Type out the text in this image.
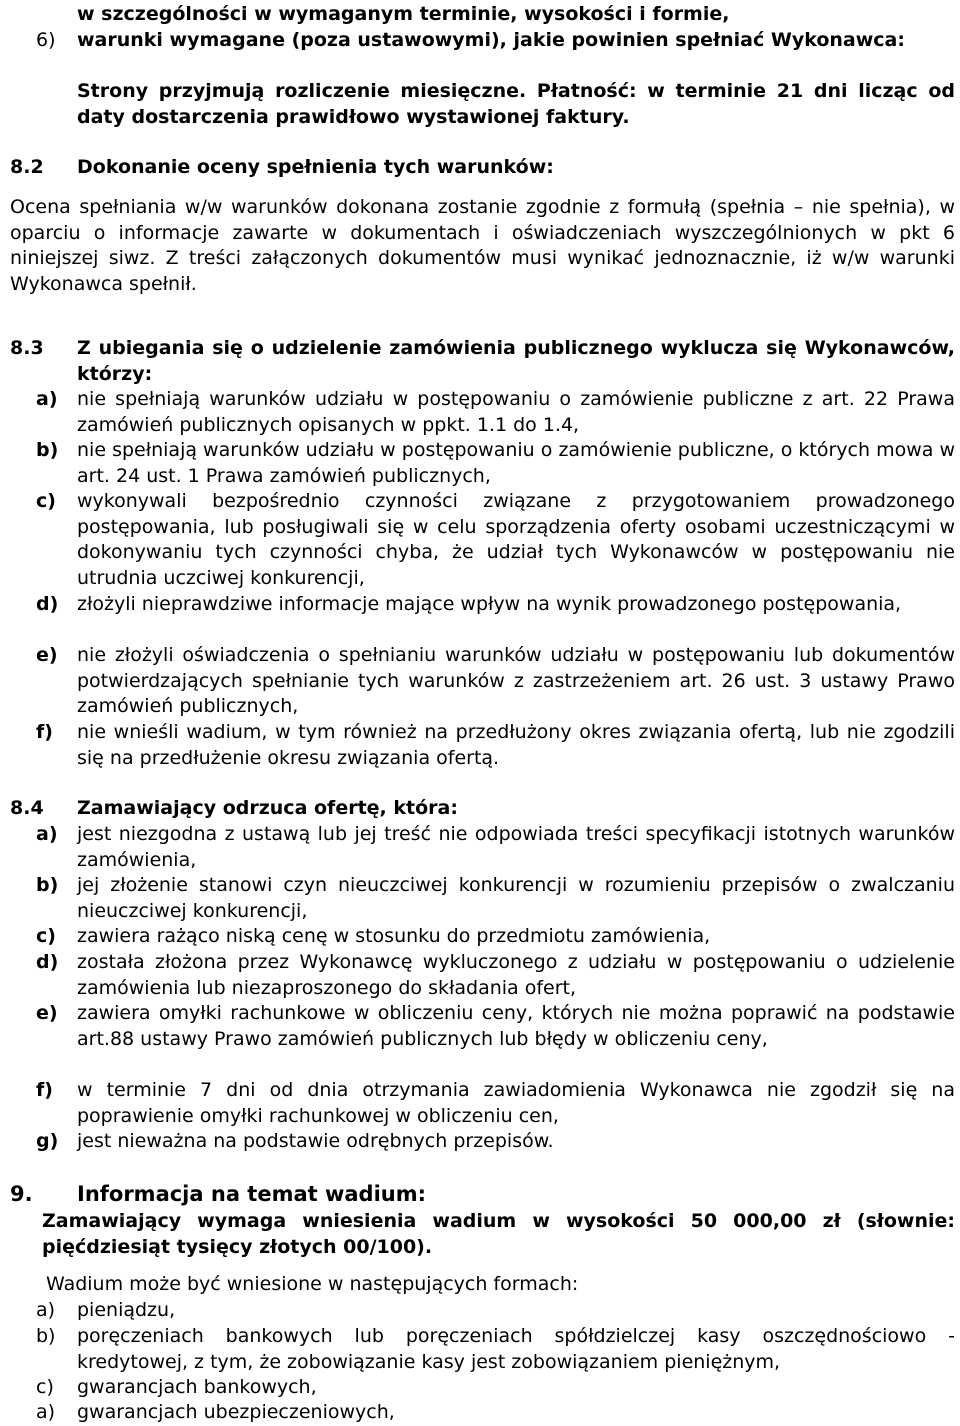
w szczególności w wymaganym terminie, wysokości i formie,
6) warunki wymagane (poza ustawowymi), jakie powinien spełniać Wykonawca:
Strony przyjmują rozliczenie miesięczne. Płatność: w terminie 21 dni licząc od daty dostarczenia prawidłowo wystawionej faktury.
8.2 Dokonanie oceny spełnienia tych warunków:
Ocena spełniania w/w warunków dokonana zostanie zgodnie z formułą (spełnia – nie spełnia), w oparciu o informacje zawarte w dokumentach i oświadczeniach wyszczególnionych w pkt 6 niniejszej siwz. Z treści załączonych dokumentów musi wynikać jednoznacznie, iż w/w warunki Wykonawca spełnił.
8.3 Z ubiegania się o udzielenie zamówienia publicznego wyklucza się Wykonawców, którzy:
a) nie spełniają warunków udziału w postępowaniu o zamówienie publiczne z art. 22 Prawa zamówień publicznych opisanych w ppkt. 1.1 do 1.4,
b) nie spełniają warunków udziału w postępowaniu o zamówienie publiczne, o których mowa w art. 24 ust. 1 Prawa zamówień publicznych,
c) wykonywali bezpośrednio czynności związane z przygotowaniem prowadzonego postępowania, lub posługiwali się w celu sporządzenia oferty osobami uczestniczącymi w dokonywaniu tych czynności chyba, że udział tych Wykonawców w postępowaniu nie utrudnia uczciwej konkurencji,
d) złożyli nieprawdziwe informacje mające wpływ na wynik prowadzonego postępowania,
e) nie złożyli oświadczenia o spełnianiu warunków udziału w postępowaniu lub dokumentów potwierdzających spełnianie tych warunków z zastrzeżeniem art. 26 ust. 3 ustawy Prawo zamówień publicznych,
f) nie wnieśli wadium, w tym również na przedłużony okres związania ofertą, lub nie zgodzili się na przedłużenie okresu związania ofertą.
8.4 Zamawiający odrzuca ofertę, która:
a) jest niezgodna z ustawą lub jej treść nie odpowiada treści specyfikacji istotnych warunków zamówienia,
b) jej złożenie stanowi czyn nieuczciwej konkurencji w rozumieniu przepisów o zwalczaniu nieuczciwej konkurencji,
c) zawiera rażąco niską cenę w stosunku do przedmiotu zamówienia,
d) została złożona przez Wykonawcę wykluczonego z udziału w postępowaniu o udzielenie zamówienia lub niezaproszonego do składania ofert,
e) zawiera omyłki rachunkowe w obliczeniu ceny, których nie można poprawić na podstawie art.88 ustawy Prawo zamówień publicznych lub błędy w obliczeniu ceny,
f) w terminie 7 dni od dnia otrzymania zawiadomienia Wykonawca nie zgodził się na poprawienie omyłki rachunkowej w obliczeniu cen,
g) jest nieważna na podstawie odrębnych przepisów.
9. Informacja na temat wadium:
Zamawiający wymaga wniesienia wadium w wysokości 50 000,00 zł (słownie: pięćdziesiąt tysięcy złotych 00/100).
Wadium może być wniesione w następujących formach:
a) pieniądzu,
b) poręczeniach bankowych lub poręczeniach spółdzielczej kasy oszczędnościowo - kredytowej, z tym, że zobowiązanie kasy jest zobowiązaniem pieniężnym,
c) gwarancjach bankowych,
a) gwarancjach ubezpieczeniowych,
